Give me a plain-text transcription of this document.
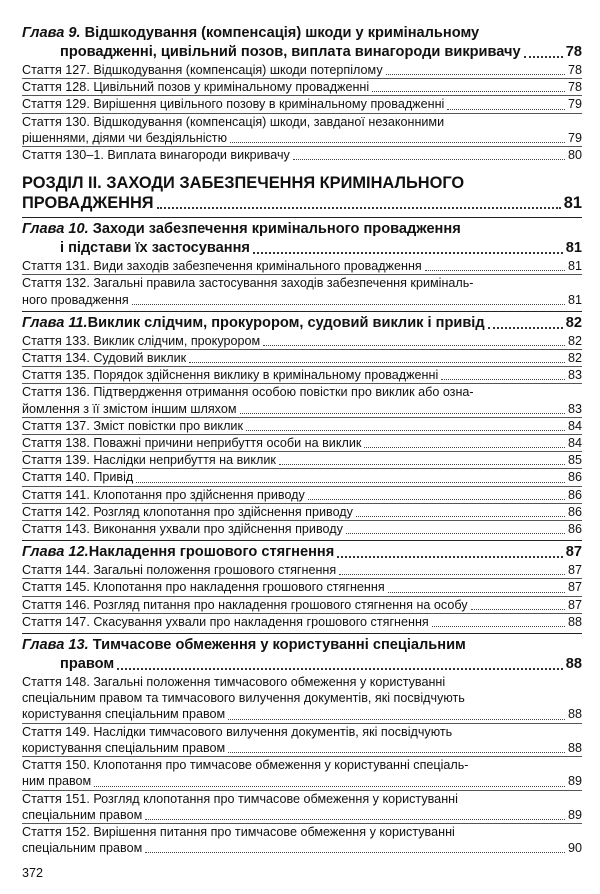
Глава 9. Відшкодування (компенсація) шкоди у кримінальному
провадженні, цивільний позов, виплата винагороди викривачу	78
Стаття 127. Відшкодування (компенсація) шкоди потерпілому	78
Стаття 128. Цивільний позов у кримінальному провадженні	78
Стаття 129. Вирішення цивільного позову в кримінальному провадженні	79
Стаття 130. Відшкодування (компенсація) шкоди, завданої незаконними
рішеннями, діями чи бездіяльністю	79
Стаття 130–1. Виплата винагороди викривачу	80
РОЗДІЛ ІІ. ЗАХОДИ ЗАБЕЗПЕЧЕННЯ КРИМІНАЛЬНОГО
ПРОВАДЖЕННЯ	81
Глава 10. Заходи забезпечення кримінального провадження
і підстави їх застосування	81
Стаття 131. Види заходів забезпечення кримінального провадження	81
Стаття 132. Загальні правила застосування заходів забезпечення криміналь-
ного провадження	81
Глава 11. Виклик слідчим, прокурором, судовий виклик і привід	82
Стаття 133. Виклик слідчим, прокурором	82
Стаття 134. Судовий виклик	82
Стаття 135. Порядок здійснення виклику в кримінальному провадженні	83
Стаття 136. Підтвердження отримання особою повістки про виклик або озна-
йомлення з її змістом іншим шляхом	83
Стаття 137. Зміст повістки про виклик	84
Стаття 138. Поважні причини неприбуття особи на виклик	84
Стаття 139. Наслідки неприбуття на виклик	85
Стаття 140. Привід	86
Стаття 141. Клопотання про здійснення приводу	86
Стаття 142. Розгляд клопотання про здійснення приводу	86
Стаття 143. Виконання ухвали про здійснення приводу	86
Глава 12. Накладення грошового стягнення	87
Стаття 144. Загальні положення грошового стягнення	87
Стаття 145. Клопотання про накладення грошового стягнення	87
Стаття 146. Розгляд питання про накладення грошового стягнення на особу	87
Стаття 147. Скасування ухвали про накладення грошового стягнення	88
Глава 13. Тимчасове обмеження у користуванні спеціальним
правом	88
Стаття 148. Загальні положення тимчасового обмеження у користуванні
спеціальним правом та тимчасового вилучення документів, які посвідчують
користування спеціальним правом	88
Стаття 149. Наслідки тимчасового вилучення документів, які посвідчують
користування спеціальним правом	88
Стаття 150. Клопотання про тимчасове обмеження у користуванні спеціаль-
ним правом	89
Стаття 151. Розгляд клопотання про тимчасове обмеження у користуванні
спеціальним правом	89
Стаття 152. Вирішення питання про тимчасове обмеження у користуванні
спеціальним правом	90
372
